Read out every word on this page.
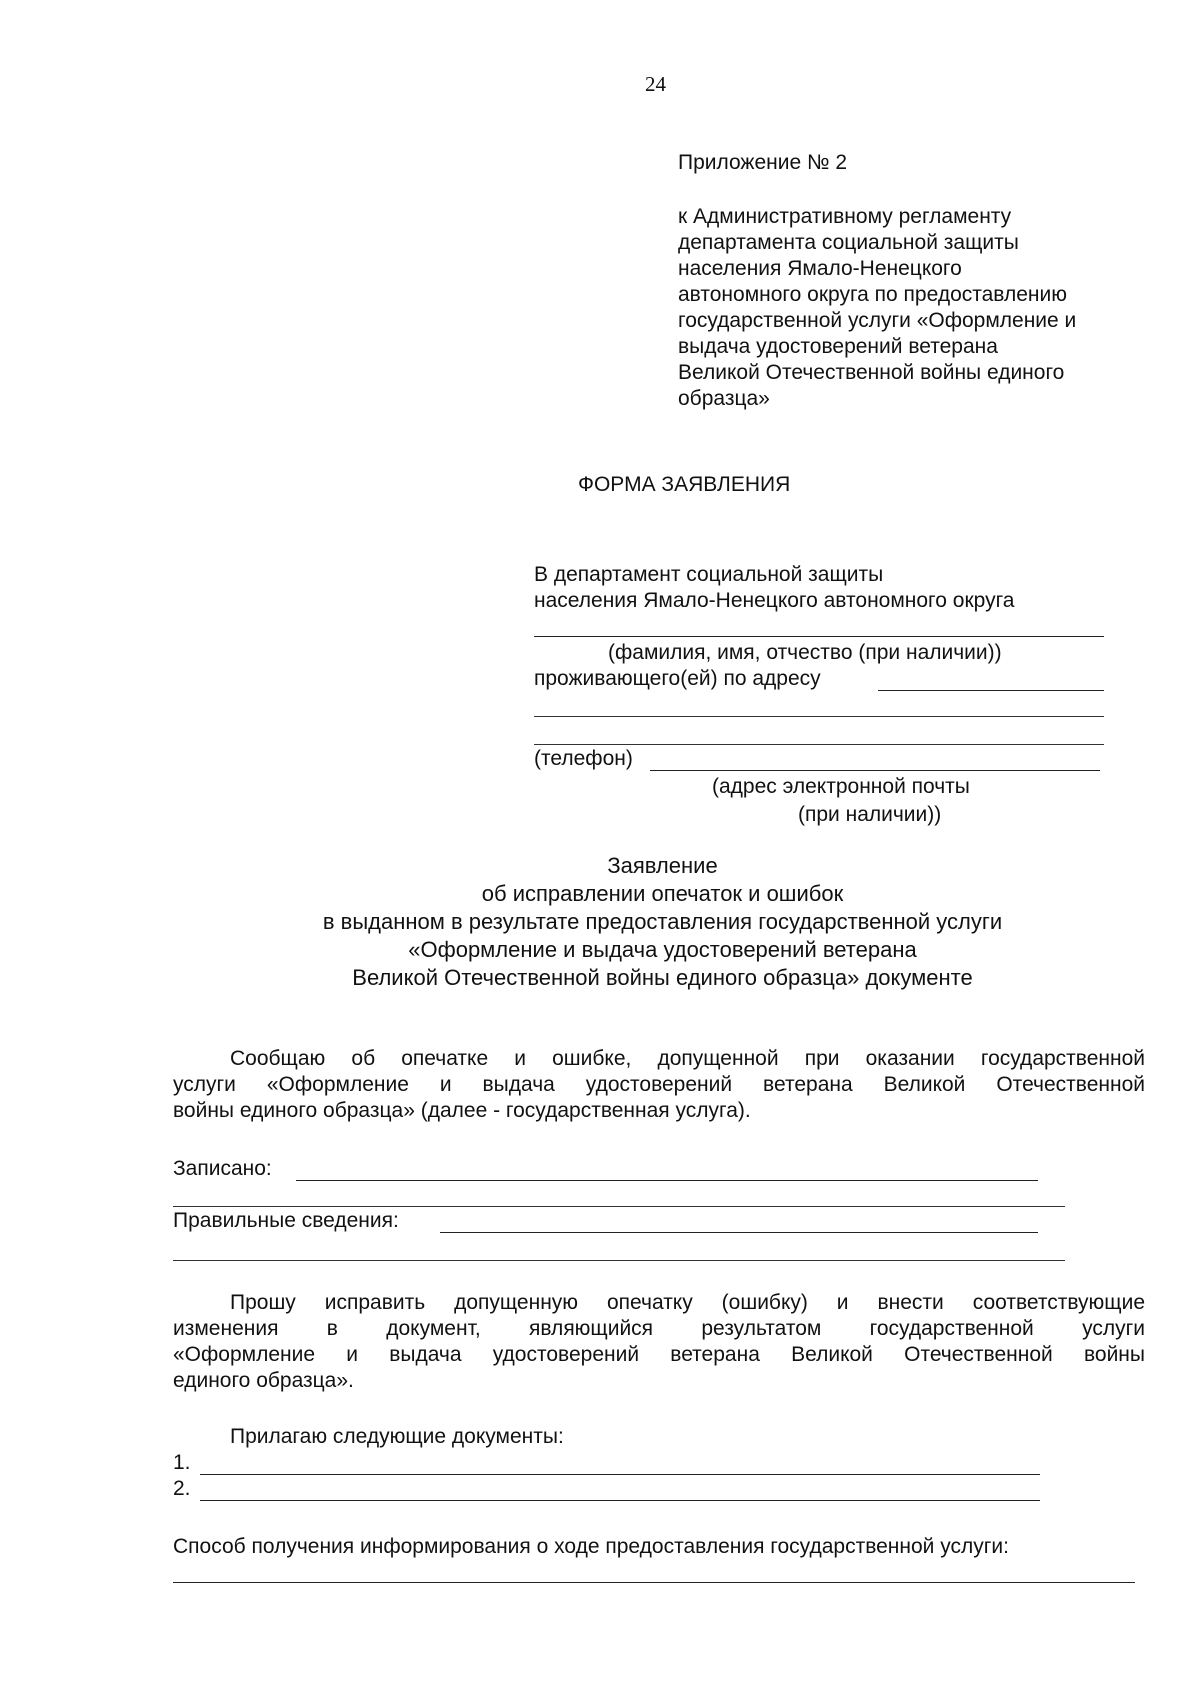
24
Приложение № 2
к Административному регламенту
департамента социальной защиты
населения Ямало-Ненецкого
автономного округа по предоставлению
государственной услуги «Оформление и
выдача удостоверений ветерана
Великой Отечественной войны единого
образца»
ФОРМА ЗАЯВЛЕНИЯ
В департамент социальной защиты
населения Ямало-Ненецкого автономного округа
(фамилия, имя, отчество (при наличии))
проживающего(ей) по адресу
(телефон)
(адрес электронной почты
(при наличии))
Заявление
об исправлении опечаток и ошибок
в выданном в результате предоставления государственной услуги
«Оформление и выдача удостоверений ветерана
Великой Отечественной войны единого образца» документе
Сообщаю об опечатке и ошибке, допущенной при оказании государственной
услуги «Оформление и выдача удостоверений ветерана Великой Отечественной
войны единого образца» (далее - государственная услуга).
Записано:
Правильные сведения:
Прошу исправить допущенную опечатку (ошибку) и внести соответствующие
изменения в документ, являющийся результатом государственной услуги
«Оформление и выдача удостоверений ветерана Великой Отечественной войны
единого образца».
Прилагаю следующие документы:
1.
2.
Способ получения информирования о ходе предоставления государственной услуги:
